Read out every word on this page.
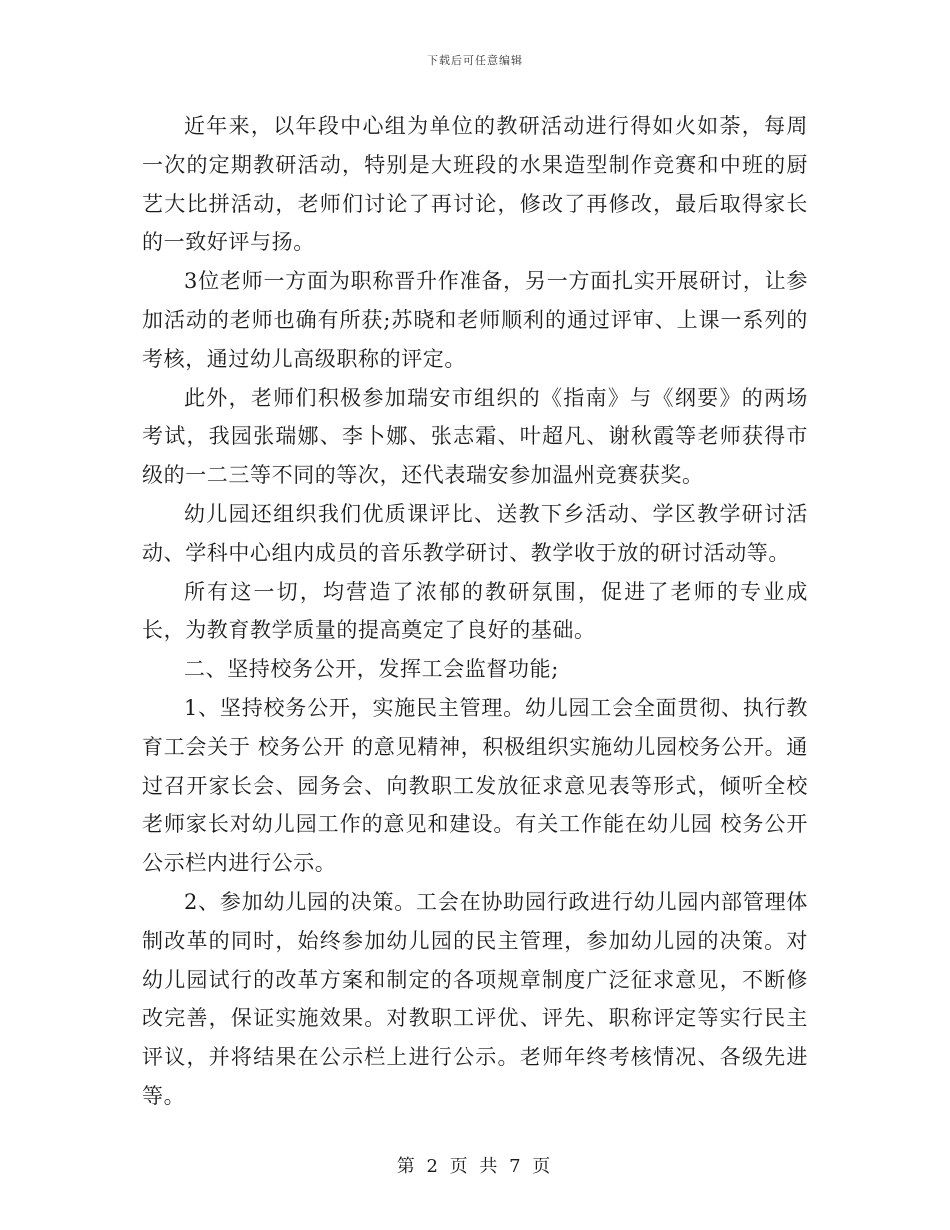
下载后可任意编辑

近年来，以年段中心组为单位的教研活动进行得如火如荼，每周一次的定期教研活动，特别是大班段的水果造型制作竞赛和中班的厨艺大比拼活动，老师们讨论了再讨论，修改了再修改，最后取得家长的一致好评与扬。

3位老师一方面为职称晋升作准备，另一方面扎实开展研讨，让参加活动的老师也确有所获;苏晓和老师顺利的通过评审、上课一系列的考核，通过幼儿高级职称的评定。

此外，老师们积极参加瑞安市组织的《指南》与《纲要》的两场考试，我园张瑞娜、李卜娜、张志霜、叶超凡、谢秋霞等老师获得市级的一二三等不同的等次，还代表瑞安参加温州竞赛获奖。

幼儿园还组织我们优质课评比、送教下乡活动、学区教学研讨活动、学科中心组内成员的音乐教学研讨、教学收于放的研讨活动等。

所有这一切，均营造了浓郁的教研氛围，促进了老师的专业成长，为教育教学质量的提高奠定了良好的基础。

二、坚持校务公开，发挥工会监督功能;

1、坚持校务公开，实施民主管理。幼儿园工会全面贯彻、执行教育工会关于 校务公开 的意见精神，积极组织实施幼儿园校务公开。通过召开家长会、园务会、向教职工发放征求意见表等形式，倾听全校老师家长对幼儿园工作的意见和建设。有关工作能在幼儿园 校务公开 公示栏内进行公示。

2、参加幼儿园的决策。工会在协助园行政进行幼儿园内部管理体制改革的同时，始终参加幼儿园的民主管理，参加幼儿园的决策。对幼儿园试行的改革方案和制定的各项规章制度广泛征求意见，不断修改完善，保证实施效果。对教职工评优、评先、职称评定等实行民主评议，并将结果在公示栏上进行公示。老师年终考核情况、各级先进等。

第 2 页 共 7 页
